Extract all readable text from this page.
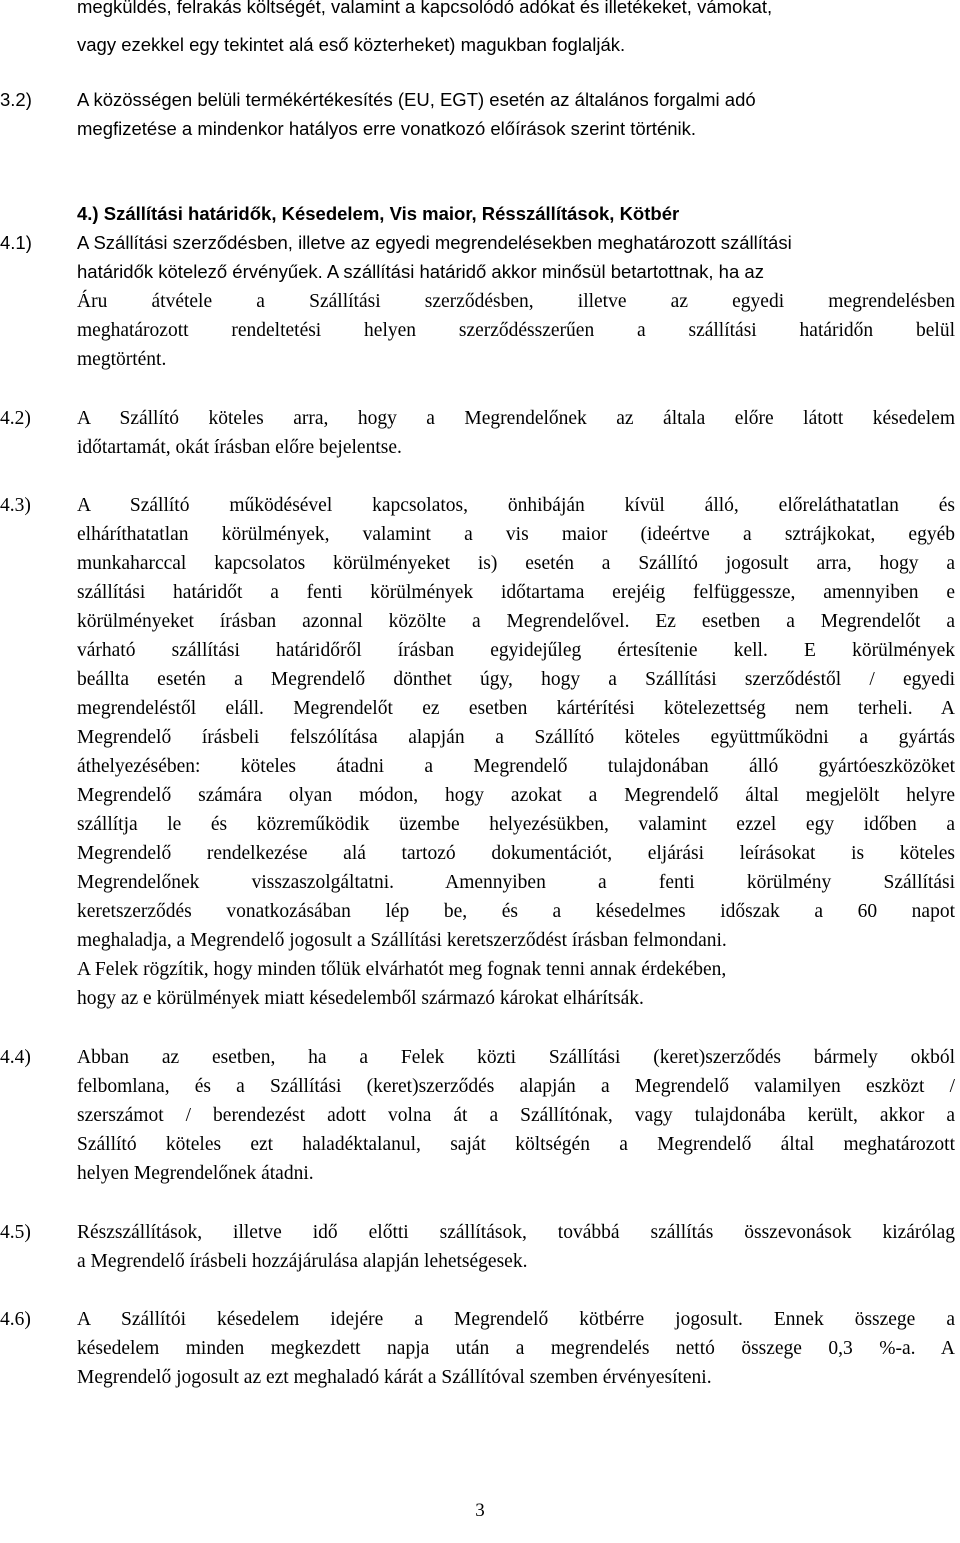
megküldés, felrakás költségét, valamint a kapcsolódó adókat és illetékeket, vámokat,
vagy ezekkel egy tekintet alá eső közterheket) magukban foglalják.
3.2) A közösségen belüli termékértékesítés (EU, EGT) esetén az általános forgalmi adó
megfizetése a mindenkor hatályos erre vonatkozó előírások szerint történik.
4.) Szállítási határidők, Késedelem, Vis maior, Résszállítások, Kötbér
4.1) A Szállítási szerződésben, illetve az egyedi megrendelésekben meghatározott szállítási
határidők kötelező érvényűek. A szállítási határidő akkor minősül betartottnak, ha az
Áru átvétele a Szállítási szerződésben, illetve az egyedi megrendelésben
meghatározott rendeltetési helyen szerződésszerűen a szállítási határidőn belül
megtörtént.
4.2) A Szállító köteles arra, hogy a Megrendelőnek az általa előre látott késedelem
időtartamát, okát írásban előre bejelentse.
4.3) A Szállító működésével kapcsolatos, önhibáján kívül álló, előreláthatatlan és
elháríthatatlan körülmények, valamint a vis maior (ideértve a sztrájkokat, egyéb
munkaharccal kapcsolatos körülményeket is) esetén a Szállító jogosult arra, hogy a
szállítási határidőt a fenti körülmények időtartama erejéig felfüggessze, amennyiben e
körülményeket írásban azonnal közölte a Megrendelővel. Ez esetben a Megrendelőt a
várható szállítási határidőről írásban egyidejűleg értesítenie kell. E körülmények
beállta esetén a Megrendelő dönthet úgy, hogy a Szállítási szerződéstől / egyedi
megrendeléstől eláll. Megrendelőt ez esetben kártérítési kötelezettség nem terheli. A
Megrendelő írásbeli felszólítása alapján a Szállító köteles együttműködni a gyártás
áthelyezésében: köteles átadni a Megrendelő tulajdonában álló gyártóeszközöket
Megrendelő számára olyan módon, hogy azokat a Megrendelő által megjelölt helyre
szállítja le és közreműködik üzembe helyezésükben, valamint ezzel egy időben a
Megrendelő rendelkezése alá tartozó dokumentációt, eljárási leírásokat is köteles
Megrendelőnek visszaszolgáltatni. Amennyiben a fenti körülmény Szállítási
keretszerződés vonatkozásában lép be, és a késedelmes időszak a 60 napot
meghaladja, a Megrendelő jogosult a Szállítási keretszerződést írásban felmondani.
A Felek rögzítik, hogy minden tőlük elvárhatót meg fognak tenni annak érdekében,
hogy az e körülmények miatt késedelemből származó károkat elhárítsák.
4.4) Abban az esetben, ha a Felek közti Szállítási (keret)szerződés bármely okból
felbomlana, és a Szállítási (keret)szerződés alapján a Megrendelő valamilyen eszközt /
szerszámot / berendezést adott volna át a Szállítónak, vagy tulajdonába került, akkor a
Szállító köteles ezt haladéktalanul, saját költségén a Megrendelő által meghatározott
helyen Megrendelőnek átadni.
4.5) Részszállítások, illetve idő előtti szállítások, továbbá szállítás összevonások kizárólag
a Megrendelő írásbeli hozzájárulása alapján lehetségesek.
4.6) A Szállítói késedelem idejére a Megrendelő kötbérre jogosult. Ennek összege a
késedelem minden megkezdett napja után a megrendelés nettó összege 0,3 %-a. A
Megrendelő jogosult az ezt meghaladó kárát a Szállítóval szemben érvényesíteni.
3
